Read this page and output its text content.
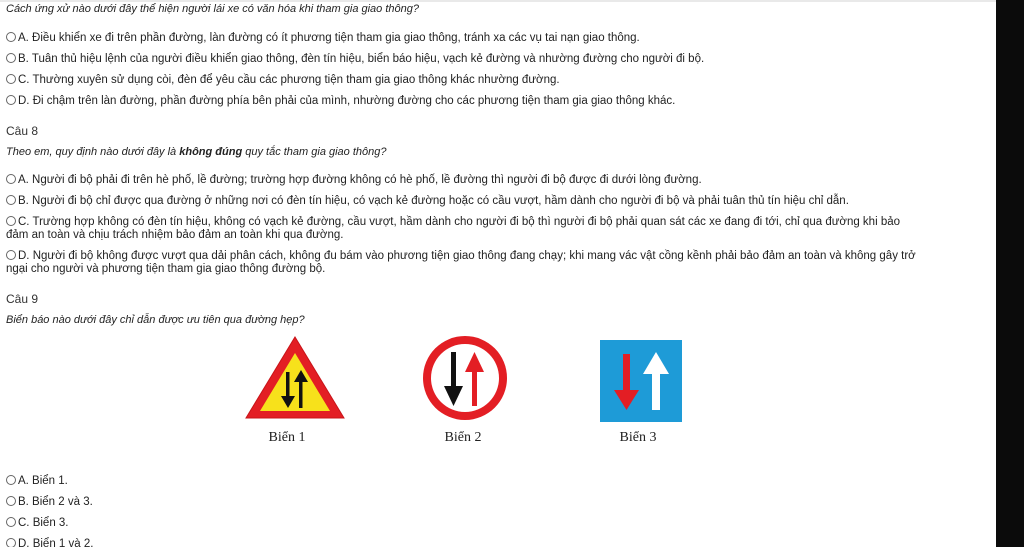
Cách ứng xử nào dưới đây thể hiện người lái xe có văn hóa khi tham gia giao thông?
A. Điều khiển xe đi trên phần đường, làn đường có ít phương tiện tham gia giao thông, tránh xa các vụ tai nạn giao thông.
B. Tuân thủ hiệu lệnh của người điều khiển giao thông, đèn tín hiệu, biển báo hiệu, vạch kẻ đường và nhường đường cho người đi bộ.
C. Thường xuyên sử dụng còi, đèn để yêu cầu các phương tiện tham gia giao thông khác nhường đường.
D. Đi chậm trên làn đường, phần đường phía bên phải của mình, nhường đường cho các phương tiện tham gia giao thông khác.
Câu 8
Theo em, quy định nào dưới đây là không đúng quy tắc tham gia giao thông?
A. Người đi bộ phải đi trên hè phố, lề đường; trường hợp đường không có hè phố, lề đường thì người đi bộ được đi dưới lòng đường.
B. Người đi bộ chỉ được qua đường ở những nơi có đèn tín hiệu, có vạch kẻ đường hoặc có cầu vượt, hầm dành cho người đi bộ và phải tuân thủ tín hiệu chỉ dẫn.
C. Trường hợp không có đèn tín hiệu, không có vạch kẻ đường, cầu vượt, hầm dành cho người đi bộ thì người đi bộ phải quan sát các xe đang đi tới, chỉ qua đường khi bảo đảm an toàn và chịu trách nhiệm bảo đảm an toàn khi qua đường.
D. Người đi bộ không được vượt qua dải phân cách, không đu bám vào phương tiện giao thông đang chạy; khi mang vác vật cồng kềnh phải bảo đảm an toàn và không gây trở ngại cho người và phương tiện tham gia giao thông đường bộ.
Câu 9
Biển báo nào dưới đây chỉ dẫn được ưu tiên qua đường hẹp?
Biển 1	Biển 2	Biển 3
A. Biển 1.
B. Biển 2 và 3.
C. Biển 3.
D. Biển 1 và 2.
